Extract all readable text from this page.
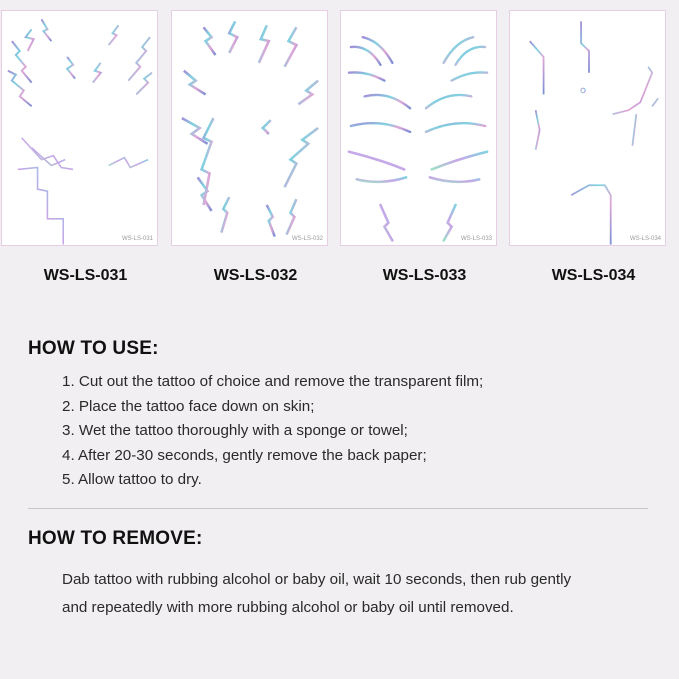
WS-LS-031	WS-LS-032	WS-LS-033	WS-LS-034
WS-LS-031	WS-LS-032	WS-LS-033	WS-LS-034
HOW TO USE:
1. Cut out the tattoo of choice and remove the transparent film;
2. Place the tattoo face down on skin;
3. Wet the tattoo thoroughly with a sponge or towel;
4. After 20-30 seconds, gently remove the back paper;
5. Allow tattoo to dry.
HOW TO REMOVE:

Dab tattoo with rubbing alcohol or baby oil, wait 10 seconds, then rub gently

and repeatedly with more rubbing alcohol or baby oil until removed.
